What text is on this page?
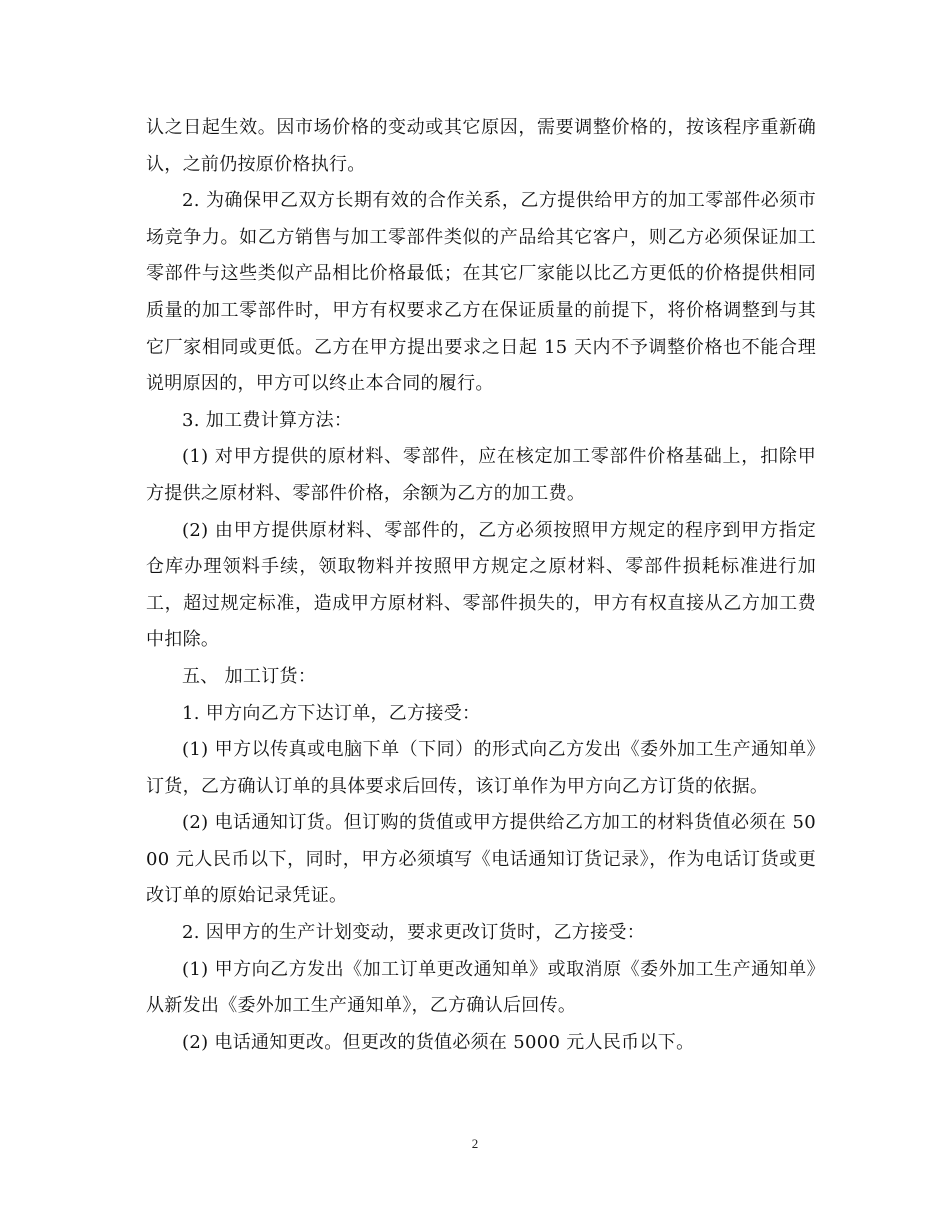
认之日起生效。因市场价格的变动或其它原因，需要调整价格的，按该程序重新确认，之前仍按原价格执行。

2. 为确保甲乙双方长期有效的合作关系，乙方提供给甲方的加工零部件必须市场竞争力。如乙方销售与加工零部件类似的产品给其它客户，则乙方必须保证加工零部件与这些类似产品相比价格最低；在其它厂家能以比乙方更低的价格提供相同质量的加工零部件时，甲方有权要求乙方在保证质量的前提下，将价格调整到与其它厂家相同或更低。乙方在甲方提出要求之日起 15 天内不予调整价格也不能合理说明原因的，甲方可以终止本合同的履行。

3. 加工费计算方法：

(1) 对甲方提供的原材料、零部件，应在核定加工零部件价格基础上，扣除甲方提供之原材料、零部件价格，余额为乙方的加工费。

(2) 由甲方提供原材料、零部件的，乙方必须按照甲方规定的程序到甲方指定仓库办理领料手续，领取物料并按照甲方规定之原材料、零部件损耗标准进行加工，超过规定标准，造成甲方原材料、零部件损失的，甲方有权直接从乙方加工费中扣除。

五、 加工订货：

1. 甲方向乙方下达订单，乙方接受：

(1) 甲方以传真或电脑下单（下同）的形式向乙方发出《委外加工生产通知单》订货，乙方确认订单的具体要求后回传，该订单作为甲方向乙方订货的依据。

(2) 电话通知订货。但订购的货值或甲方提供给乙方加工的材料货值必须在 5000 元人民币以下，同时，甲方必须填写《电话通知订货记录》，作为电话订货或更改订单的原始记录凭证。

2. 因甲方的生产计划变动，要求更改订货时，乙方接受：

(1) 甲方向乙方发出《加工订单更改通知单》或取消原《委外加工生产通知单》从新发出《委外加工生产通知单》，乙方确认后回传。

(2) 电话通知更改。但更改的货值必须在 5000 元人民币以下。

2
